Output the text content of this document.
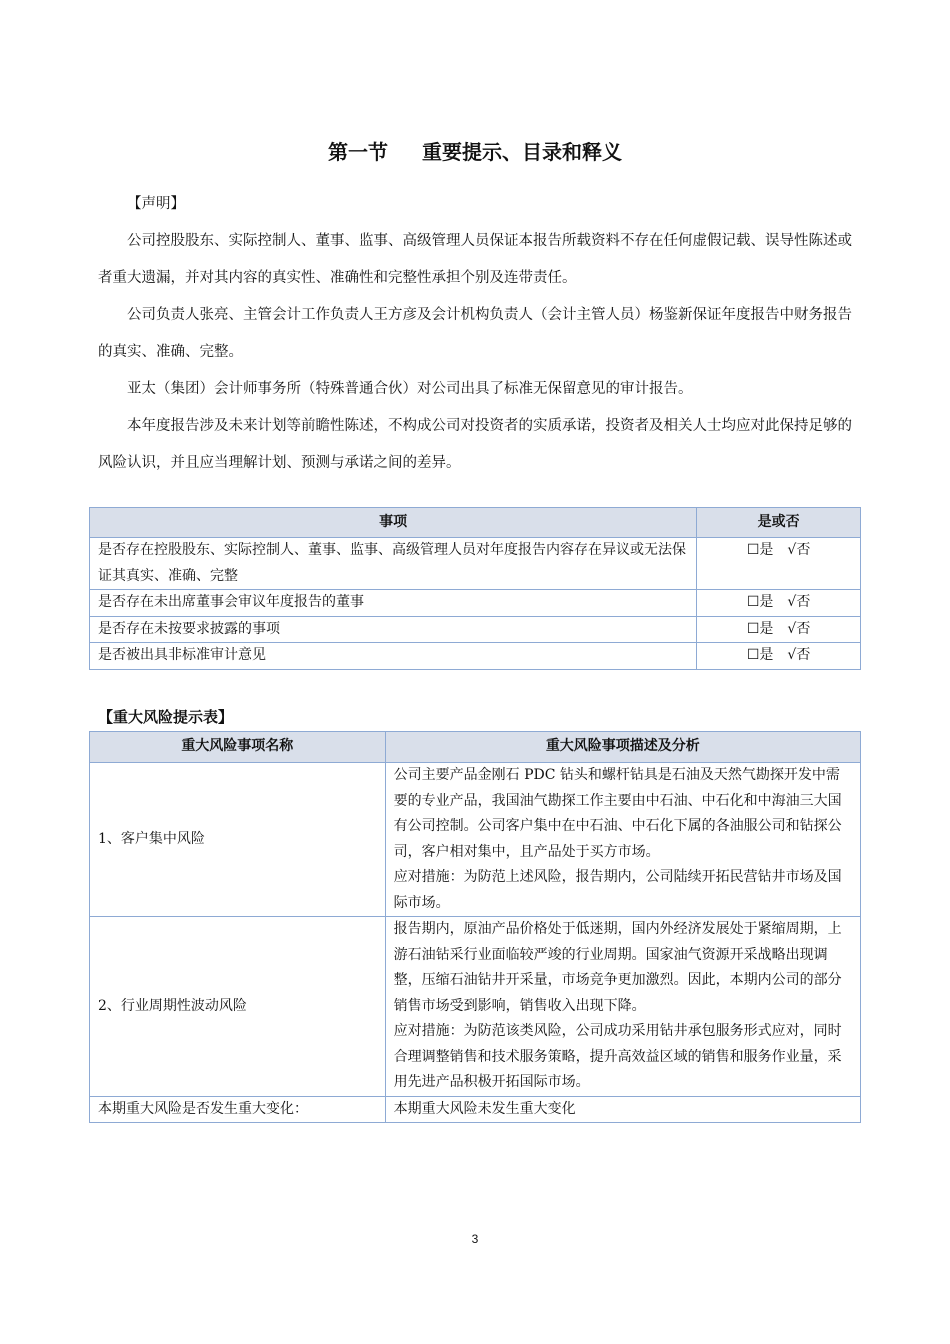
第一节 重要提示、目录和释义

【声明】

公司控股股东、实际控制人、董事、监事、高级管理人员保证本报告所载资料不存在任何虚假记载、误导性陈述或者重大遗漏，并对其内容的真实性、准确性和完整性承担个别及连带责任。

公司负责人张亮、主管会计工作负责人王方彦及会计机构负责人（会计主管人员）杨鉴新保证年度报告中财务报告的真实、准确、完整。

亚太（集团）会计师事务所（特殊普通合伙）对公司出具了标准无保留意见的审计报告。

本年度报告涉及未来计划等前瞻性陈述，不构成公司对投资者的实质承诺，投资者及相关人士均应对此保持足够的风险认识，并且应当理解计划、预测与承诺之间的差异。

事项	是或否
是否存在控股股东、实际控制人、董事、监事、高级管理人员对年度报告内容存在异议或无法保证其真实、准确、完整	☐是　√否
是否存在未出席董事会审议年度报告的董事	☐是　√否
是否存在未按要求披露的事项	☐是　√否
是否被出具非标准审计意见	☐是　√否
【重大风险提示表】
重大风险事项名称	重大风险事项描述及分析
1、客户集中风险	公司主要产品金刚石 PDC 钻头和螺杆钻具是石油及天然气勘探开发中需要的专业产品，我国油气勘探工作主要由中石油、中石化和中海油三大国有公司控制。公司客户集中在中石油、中石化下属的各油服公司和钻探公司，客户相对集中，且产品处于买方市场。
应对措施：为防范上述风险，报告期内，公司陆续开拓民营钻井市场及国际市场。

2、行业周期性波动风险	报告期内，原油产品价格处于低迷期，国内外经济发展处于紧缩周期，上游石油钻采行业面临较严竣的行业周期。国家油气资源开采战略出现调整，压缩石油钻井开采量，市场竞争更加激烈。因此，本期内公司的部分销售市场受到影响，销售收入出现下降。
应对措施：为防范该类风险，公司成功采用钻井承包服务形式应对，同时合理调整销售和技术服务策略，提升高效益区域的销售和服务作业量，采用先进产品积极开拓国际市场。

本期重大风险是否发生重大变化：	本期重大风险未发生重大变化
3
